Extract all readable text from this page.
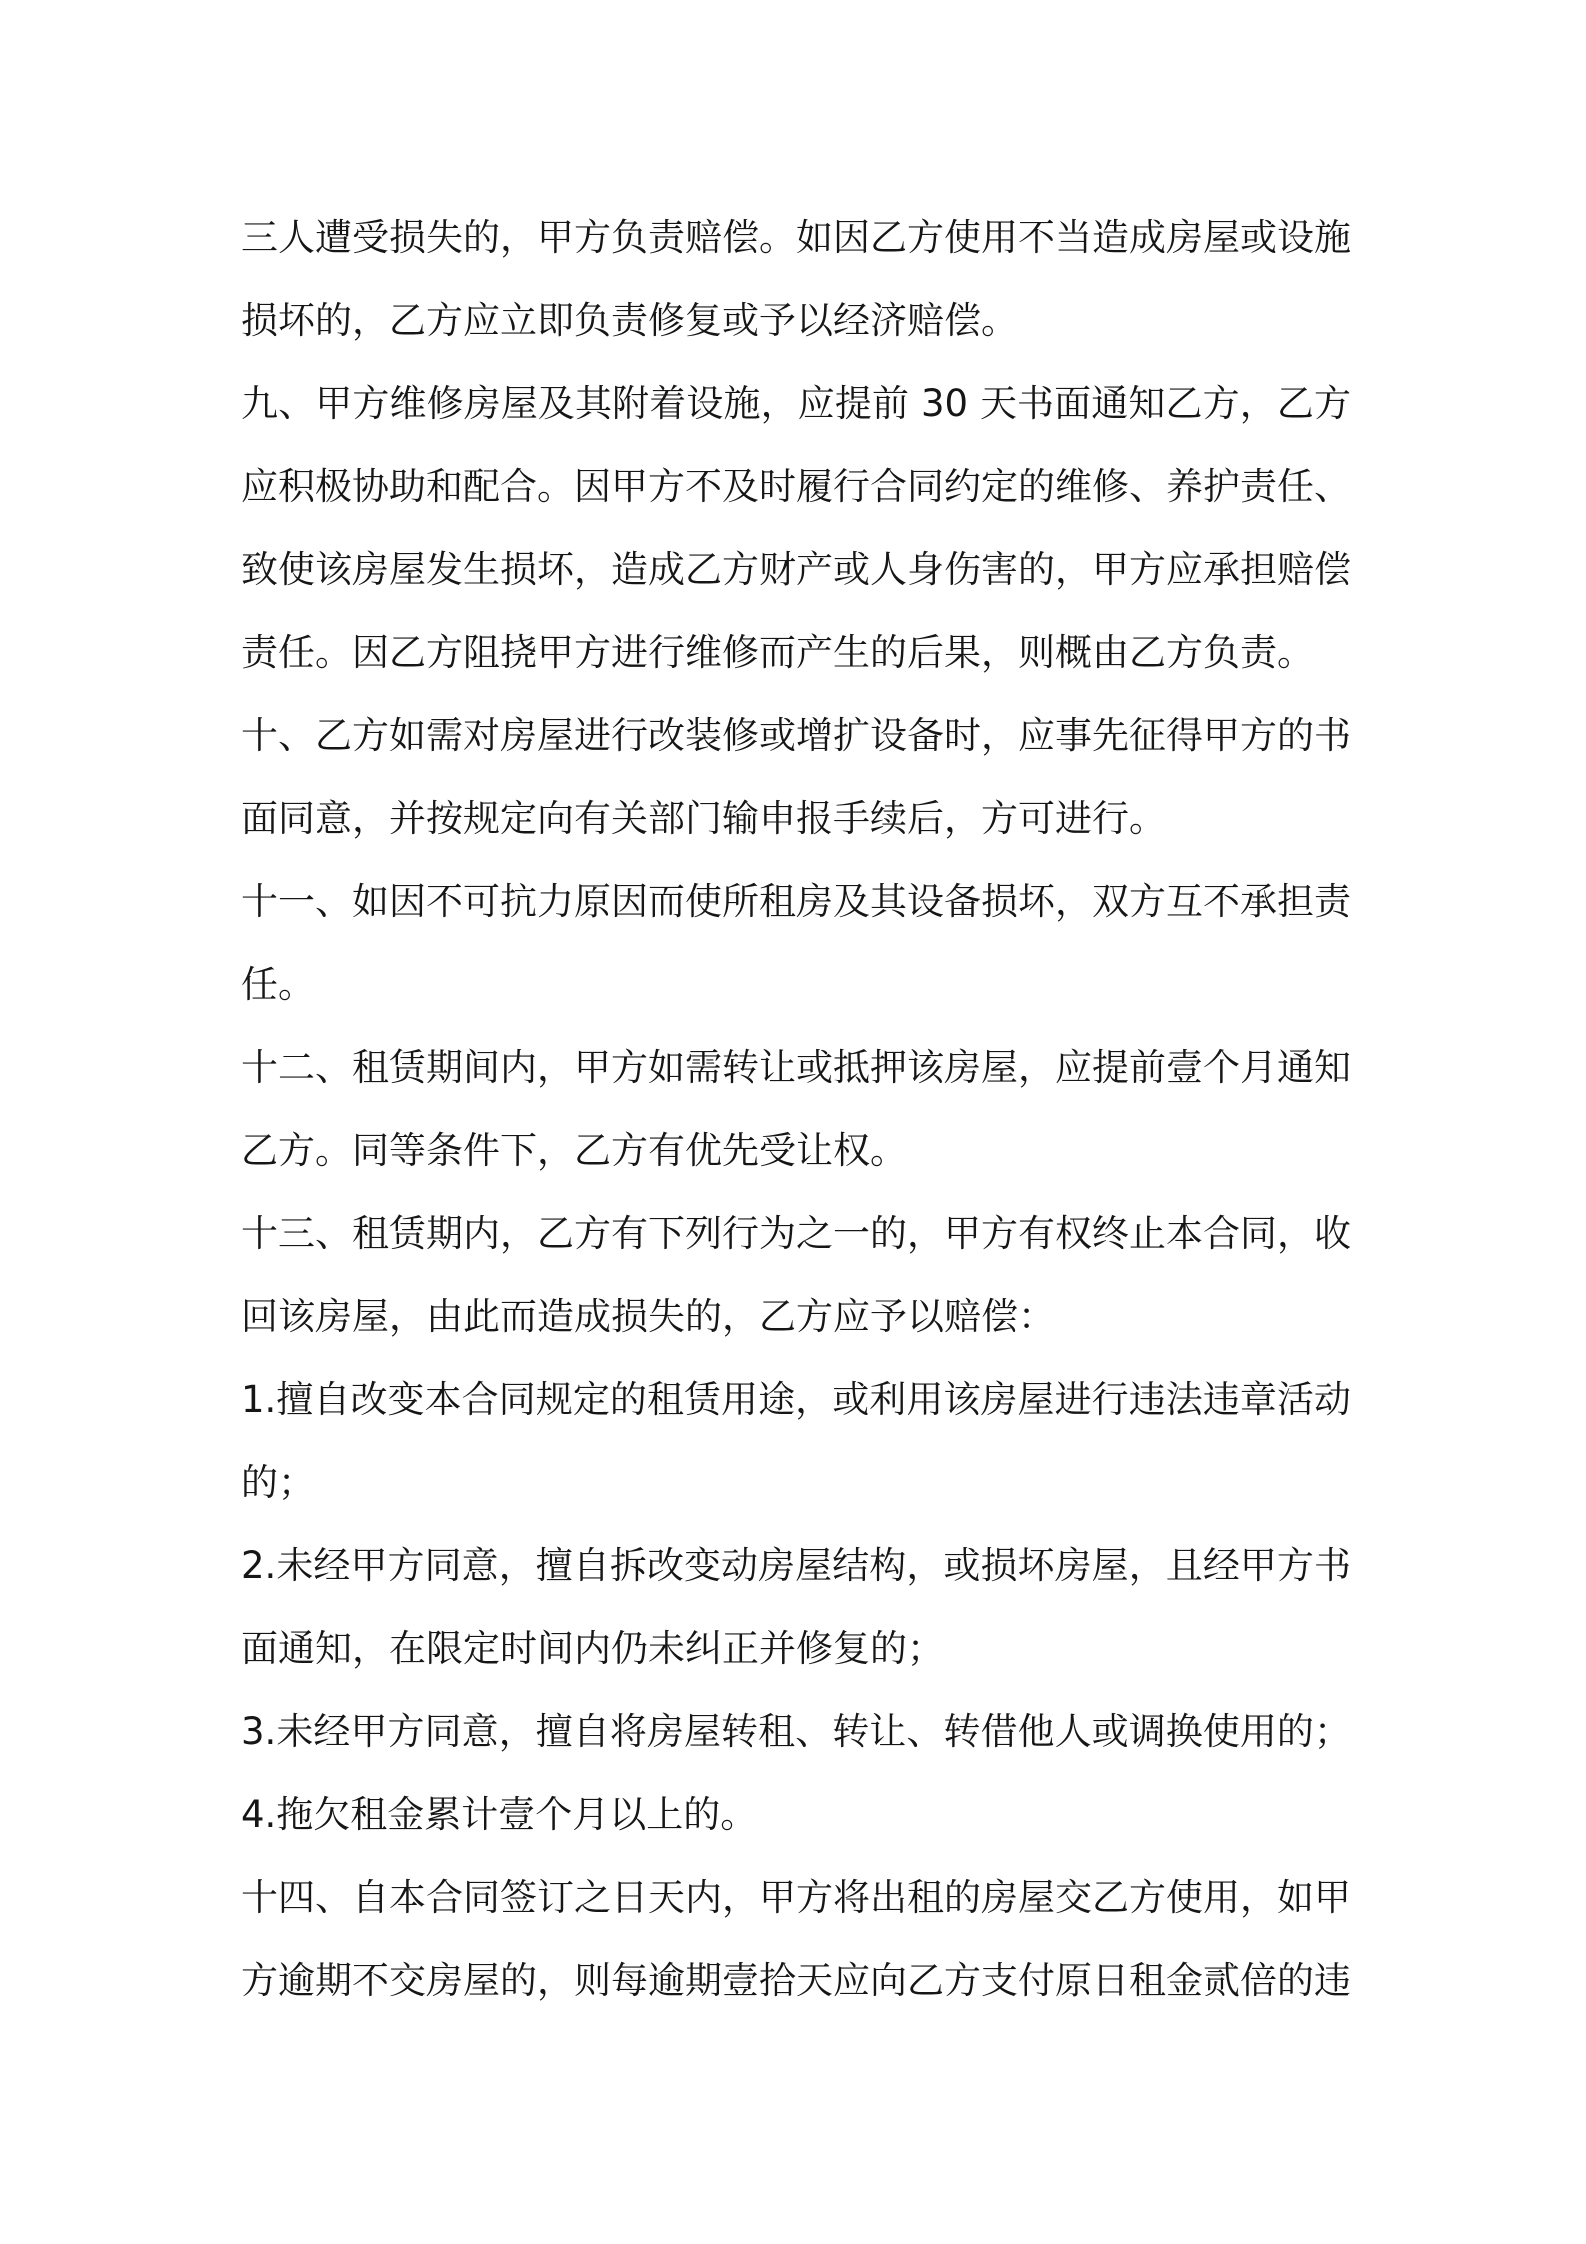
三人遭受损失的，甲方负责赔偿。如因乙方使用不当造成房屋或设施
损坏的，乙方应立即负责修复或予以经济赔偿。
九、甲方维修房屋及其附着设施，应提前 30 天书面通知乙方，乙方
应积极协助和配合。因甲方不及时履行合同约定的维修、养护责任、
致使该房屋发生损坏，造成乙方财产或人身伤害的，甲方应承担赔偿
责任。因乙方阻挠甲方进行维修而产生的后果，则概由乙方负责。
十、乙方如需对房屋进行改装修或增扩设备时，应事先征得甲方的书
面同意，并按规定向有关部门输申报手续后，方可进行。
十一、如因不可抗力原因而使所租房及其设备损坏，双方互不承担责
任。
十二、租赁期间内，甲方如需转让或抵押该房屋，应提前壹个月通知
乙方。同等条件下，乙方有优先受让权。
十三、租赁期内，乙方有下列行为之一的，甲方有权终止本合同，收
回该房屋，由此而造成损失的，乙方应予以赔偿：
1.擅自改变本合同规定的租赁用途，或利用该房屋进行违法违章活动
的；
2.未经甲方同意，擅自拆改变动房屋结构，或损坏房屋，且经甲方书
面通知，在限定时间内仍未纠正并修复的；
3.未经甲方同意，擅自将房屋转租、转让、转借他人或调换使用的；
4.拖欠租金累计壹个月以上的。
十四、自本合同签订之日天内，甲方将出租的房屋交乙方使用，如甲
方逾期不交房屋的，则每逾期壹拾天应向乙方支付原日租金贰倍的违
